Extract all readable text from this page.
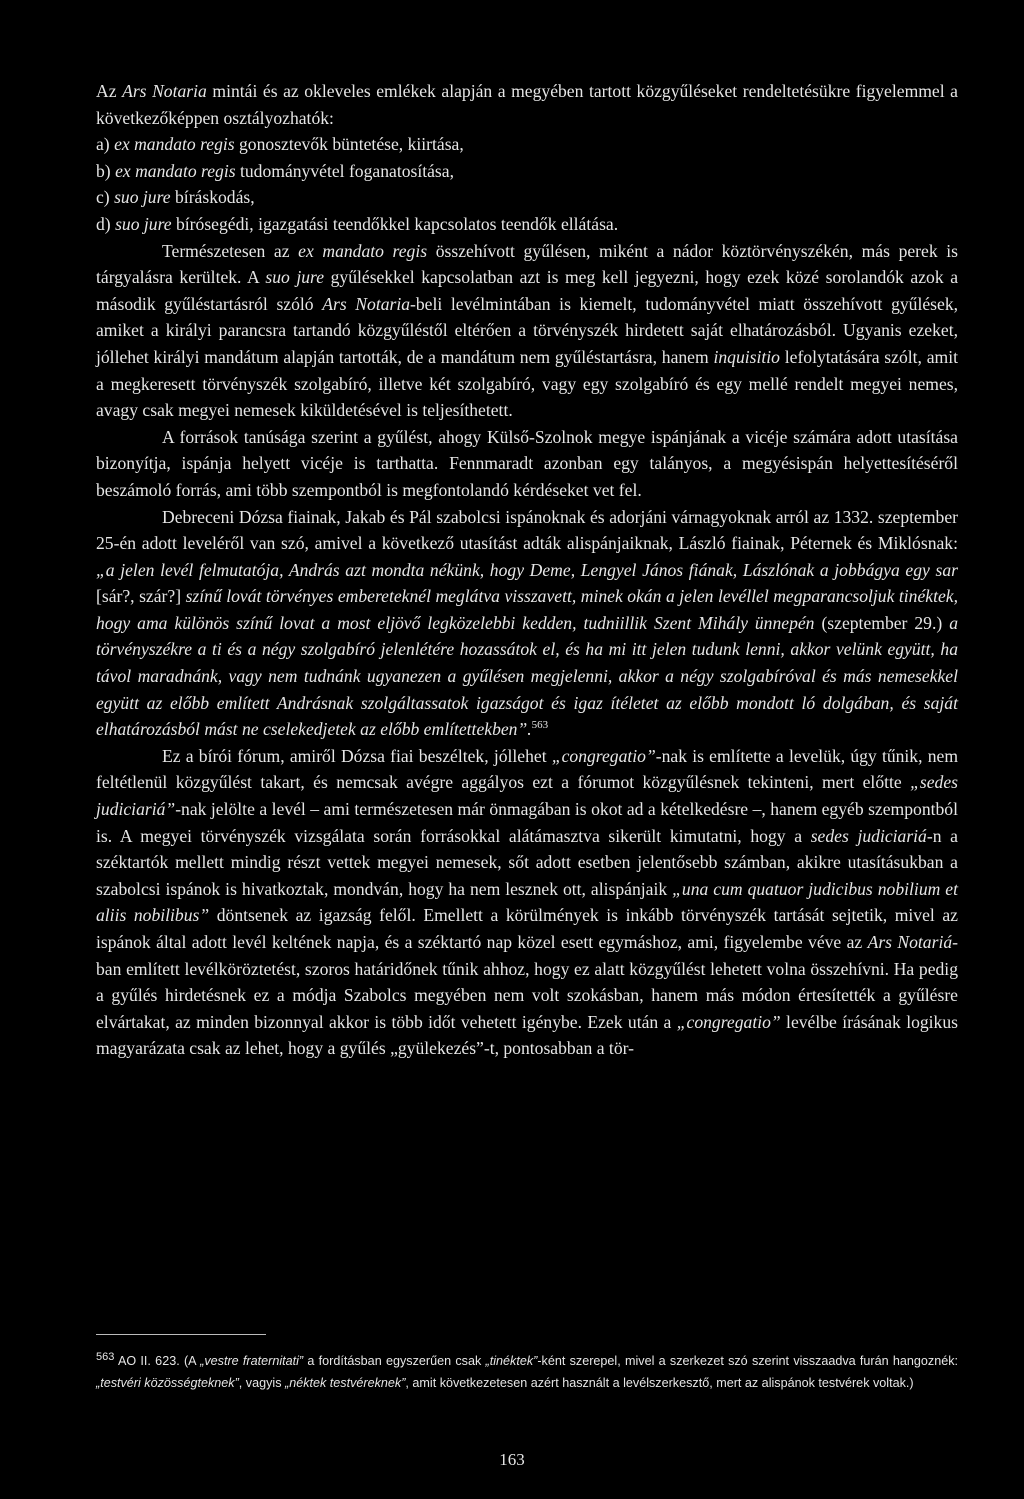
Az Ars Notaria mintái és az okleveles emlékek alapján a megyében tartott közgyűléseket rendeltetésükre figyelemmel a következőképpen osztályozhatók:

a) ex mandato regis gonosztevők büntetése, kiirtása,
b) ex mandato regis tudományvétel foganatosítása,
c) suo jure bíráskodás,
d) suo jure bírósegédi, igazgatási teendőkkel kapcsolatos teendők ellátása.

Természetesen az ex mandato regis összehívott gyűlésen, miként a nádor köztörvényszékén, más perek is tárgyalásra kerültek. A suo jure gyűlésekkel kapcsolatban azt is meg kell jegyezni, hogy ezek közé sorolandók azok a második gyűléstartásról szóló Ars Notaria-beli levélmintában is kiemelt, tudományvétel miatt összehívott gyűlések, amiket a királyi parancsra tartandó közgyűléstől eltérően a törvényszék hirdetett saját elhatározásból. Ugyanis ezeket, jóllehet királyi mandátum alapján tartották, de a mandátum nem gyűléstartásra, hanem inquisitio lefolytatására szólt, amit a megkeresett törvényszék szolgabíró, illetve két szolgabíró, vagy egy szolgabíró és egy mellé rendelt megyei nemes, avagy csak megyei nemesek kiküldetésével is teljesíthetett.

A források tanúsága szerint a gyűlést, ahogy Külső-Szolnok megye ispánjának a vicéje számára adott utasítása bizonyítja, ispánja helyett vicéje is tarthatta. Fennmaradt azonban egy talányos, a megyésispán helyettesítéséről beszámoló forrás, ami több szempontból is megfontolandó kérdéseket vet fel.

Debreceni Dózsa fiainak, Jakab és Pál szabolcsi ispánoknak és adorjáni várnagyoknak arról az 1332. szeptember 25-én adott leveléről van szó, amivel a következő utasítást adták alispánjaiknak, László fiainak, Péternek és Miklósnak: „a jelen levél felmutatója, András azt mondta nékünk, hogy Deme, Lengyel János fiának, Lászlónak a jobbágya egy sar [sár?, szár?] színű lovát törvényes embereteknél meglátva visszavett, minek okán a jelen levéllel megparancsoljuk tinéktek, hogy ama különös színű lovat a most eljövő legközelebbi kedden, tudniillik Szent Mihály ünnepén (szeptember 29.) a törvényszékre a ti és a négy szolgabíró jelenlétére hozassátok el, és ha mi itt jelen tudunk lenni, akkor velünk együtt, ha távol maradnánk, vagy nem tudnánk ugyanezen a gyűlésen megjelenni, akkor a négy szolgabíróval és más nemesekkel együtt az előbb említett Andrásnak szolgáltassatok igazságot és igaz ítéletet az előbb mondott ló dolgában, és saját elhatározásból mást ne cselekedjetek az előbb említettekben”.$^{563}$

Ez a bírói fórum, amiről Dózsa fiai beszéltek, jóllehet „congregatio”-nak is említette a levelük, úgy tűnik, nem feltétlenül közgyűlést takart, és nemcsak avégre aggályos ezt a fórumot közgyűlésnek tekinteni, mert előtte „sedes judiciariá”-nak jelölte a levél – ami természetesen már önmagában is okot ad a kételkedésre –, hanem egyéb szempontból is. A megyei törvényszék vizsgálata során forrásokkal alátámasztva sikerült kimutatni, hogy a sedes judiciariá-n a széktartók mellett mindig részt vettek megyei nemesek, sőt adott esetben jelentősebb számban, akikre utasításukban a szabolcsi ispánok is hivatkoztak, mondván, hogy ha nem lesznek ott, alispánjaik „una cum quatuor judicibus nobilium et aliis nobilibus” döntsenek az igazság felől. Emellett a körülmények is inkább törvényszék tartását sejtetik, mivel az ispánok által adott levél keltének napja, és a széktartó nap közel esett egymáshoz, ami, figyelembe véve az Ars Notariá-ban említett levélköröztetést, szoros határidőnek tűnik ahhoz, hogy ez alatt közgyűlést lehetett volna összehívni. Ha pedig a gyűlés hirdetésnek ez a módja Szabolcs megyében nem volt szokásban, hanem más módon értesítették a gyűlésre elvártakat, az minden bizonnyal akkor is több időt vehetett igénybe. Ezek után a „congregatio” levélbe írásának logikus magyarázata csak az lehet, hogy a gyűlés „gyülekezés”-t, pontosabban a tör-

$^{563}$ AO II. 623. (A „vestre fraternitati” a fordításban egyszerűen csak „tinéktek”-ként szerepel, mivel a szerkezet szó szerint visszaadva furán hangoznék: „testvéri közösségteknek”, vagyis „néktek testvéreknek”, amit következetesen azért használt a levélszerkesztő, mert az alispánok testvérek voltak.)
163
